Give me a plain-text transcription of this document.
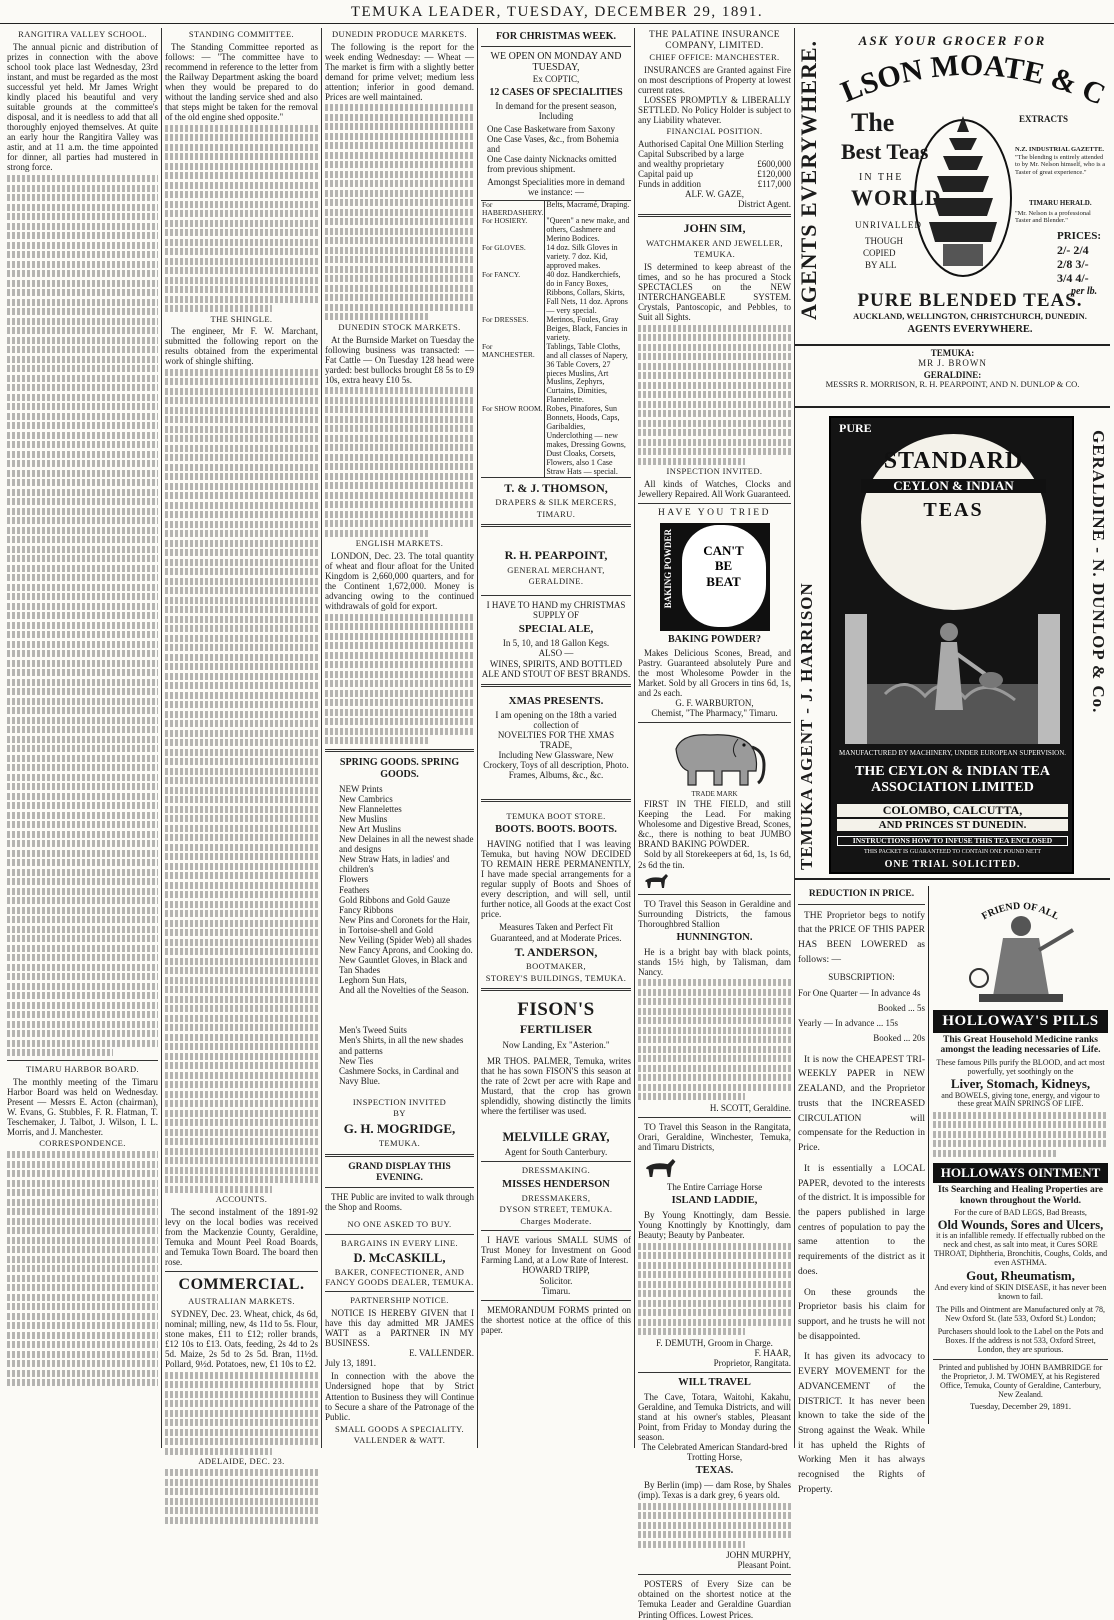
TEMUKA LEADER, TUESDAY, DECEMBER 29, 1891.
RANGITIRA VALLEY SCHOOL.

The annual picnic and distribution of prizes in connection with the above school took place last Wednesday, 23rd instant, and must be regarded as the most successful yet held. Mr James Wright kindly placed his beautiful and very suitable grounds at the committee's disposal, and it is needless to add that all thoroughly enjoyed themselves. At quite an early hour the Rangitira Valley was astir, and at 11 a.m. the time appointed for dinner, all parties had mustered in strong force.

TIMARU HARBOR BOARD.

The monthly meeting of the Timaru Harbor Board was held on Wednesday. Present — Messrs E. Acton (chairman), W. Evans, G. Stubbles, F. R. Flatman, T. Teschemaker, J. Talbot, J. Wilson, I. L. Morris, and J. Manchester.

CORRESPONDENCE.
STANDING COMMITTEE.

The Standing Committee reported as follows: — "The committee have to recommend in reference to the letter from the Railway Department asking the board when they would be prepared to do without the landing service shed and also that steps might be taken for the removal of the old engine shed opposite."

THE SHINGLE.

The engineer, Mr F. W. Marchant, submitted the following report on the results obtained from the experimental work of shingle shifting.

ACCOUNTS.

The second instalment of the 1891-92 levy on the local bodies was received from the Mackenzie County, Geraldine, Temuka and Mount Peel Road Boards, and Temuka Town Board. The board then rose.

COMMERCIAL.
AUSTRALIAN MARKETS.

SYDNEY, Dec. 23. Wheat, chick, 4s 6d, nominal; milling, new, 4s 11d to 5s. Flour, stone makes, £11 to £12; roller brands, £12 10s to £13. Oats, feeding, 2s 4d to 2s 5d. Maize, 2s 5d to 2s 5d. Bran, 11½d. Pollard, 9½d. Potatoes, new, £1 10s to £2.

ADELAIDE, DEC. 23.
DUNEDIN PRODUCE MARKETS.

The following is the report for the week ending Wednesday: — Wheat — The market is firm with a slightly better demand for prime velvet; medium less attention; inferior in good demand. Prices are well maintained.

DUNEDIN STOCK MARKETS.

At the Burnside Market on Tuesday the following business was transacted: — Fat Cattle — On Tuesday 128 head were yarded: best bullocks brought £8 5s to £9 10s, extra heavy £10 5s.

ENGLISH MARKETS.

LONDON, Dec. 23. The total quantity of wheat and flour afloat for the United Kingdom is 2,660,000 quarters, and for the Continent 1,672,000. Money is advancing owing to the continued withdrawals of gold for export.

SPRING GOODS. SPRING GOODS.
NEW Prints
New Cambrics
New Flannelettes
New Muslins
New Art Muslins
New Delaines in all the newest shade and designs
New Straw Hats, in ladies' and children's
Flowers
Feathers
Gold Ribbons and Gold Gauze
Fancy Ribbons
New Pins and Coronets for the Hair, in Tortoise-shell and Gold
New Veiling (Spider Web) all shades
New Fancy Aprons, and Cooking do.
New Gauntlet Gloves, in Black and Tan Shades
Leghorn Sun Hats,
And all the Novelties of the Season.
Men's Tweed Suits
Men's Shirts, in all the new shades and patterns
New Ties
Cashmere Socks, in Cardinal and Navy Blue.
INSPECTION INVITED
BY
G. H. MOGRIDGE,
TEMUKA.
GRAND DISPLAY THIS EVENING.

THE Public are invited to walk through the Shop and Rooms.

NO ONE ASKED TO BUY.
BARGAINS IN EVERY LINE.
D. McCASKILL,
BAKER, CONFECTIONER, AND FANCY GOODS DEALER, TEMUKA.
PARTNERSHIP NOTICE.

NOTICE IS HEREBY GIVEN that I have this day admitted MR JAMES WATT as a PARTNER IN MY BUSINESS.

E. VALLENDER.
July 13, 1891.

In connection with the above the Undersigned hope that by Strict Attention to Business they will Continue to Secure a share of the Patronage of the Public.

SMALL GOODS A SPECIALITY.
VALLENDER & WATT.
FOR CHRISTMAS WEEK.
WE OPEN ON MONDAY AND TUESDAY,
Ex COPTIC,
12 CASES OF SPECIALITIES
In demand for the present season, Including
One Case Basketware from Saxony
One Case Vases, &c., from Bohemia and
One Case dainty Nicknacks omitted from previous shipment.
Amongst Specialities more in demand we instance: —
For HABERDASHERY.	Belts, Macramé, Draping.
For HOSIERY.	"Queen" a new make, and others, Cashmere and Merino Bodices.
For GLOVES.	14 doz. Silk Gloves in variety. 7 doz. Kid, approved makes.
For FANCY.	40 doz. Handkerchiefs, do in Fancy Boxes, Ribbons, Collars, Skirts, Fall Nets, 11 doz. Aprons — very special.
For DRESSES.	Merinos, Foules, Gray Beiges, Black, Fancies in variety.
For MANCHESTER.	Tablings, Table Cloths, and all classes of Napery, 36 Table Covers, 27 pieces Muslins, Art Muslins, Zephyrs, Curtains, Dimities, Flannelette.
For SHOW ROOM.	Robes, Pinafores, Sun Bonnets, Hoods, Caps, Garibaldies, Underclothing — new makes, Dressing Gowns, Dust Cloaks, Corsets, Flowers, also 1 Case Straw Hats — special.
T. & J. THOMSON,
DRAPERS & SILK MERCERS,
TIMARU.
R. H. PEARPOINT,
GENERAL MERCHANT,
GERALDINE.
I HAVE TO HAND my CHRISTMAS SUPPLY OF
SPECIAL ALE,
In 5, 10, and 18 Gallon Kegs.
ALSO —
WINES, SPIRITS, AND BOTTLED ALE AND STOUT OF BEST BRANDS.
XMAS PRESENTS.
I am opening on the 18th a varied collection of
NOVELTIES FOR THE XMAS TRADE,
Including New Glassware, New Crockery, Toys of all description, Photo. Frames, Albums, &c., &c.
TEMUKA BOOT STORE.
BOOTS. BOOTS. BOOTS.

HAVING notified that I was leaving Temuka, but having NOW DECIDED TO REMAIN HERE PERMANENTLY, I have made special arrangements for a regular supply of Boots and Shoes of every description, and will sell, until further notice, all Goods at the exact Cost price.

Measures Taken and Perfect Fit Guaranteed, and at Moderate Prices.
T. ANDERSON,
BOOTMAKER,
STOREY'S BUILDINGS, TEMUKA.
FISON'S
FERTILISER
Now Landing, Ex "Asterion."

MR THOS. PALMER, Temuka, writes that he has sown FISON'S this season at the rate of 2cwt per acre with Rape and Mustard, that the crop has grown splendidly, showing distinctly the limits where the fertiliser was used.

MELVILLE GRAY,
Agent for South Canterbury.
DRESSMAKING.
MISSES HENDERSON
DRESSMAKERS,
DYSON STREET, TEMUKA.
Charges Moderate.

I HAVE various SMALL SUMS of Trust Money for Investment on Good Farming Land, at a Low Rate of Interest.

HOWARD TRIPP,
Solicitor.
Timaru.

MEMORANDUM FORMS printed on the shortest notice at the office of this paper.

THE PALATINE INSURANCE COMPANY, LIMITED.
CHIEF OFFICE: MANCHESTER.

INSURANCES are Granted against Fire on most descriptions of Property at lowest current rates.

LOSSES PROMPTLY & LIBERALLY SETTLED. No Policy Holder is subject to any Liability whatever.

FINANCIAL POSITION.
Authorised Capital One Million Sterling
Capital Subscribed by a large and wealthy proprietary	£600,000
Capital paid up	£120,000
Funds in addition	£117,000
ALF. W. GAZE,
District Agent.
JOHN SIM,
WATCHMAKER AND JEWELLER,
TEMUKA.

IS determined to keep abreast of the times, and so he has procured a Stock SPECTACLES on the NEW INTERCHANGEABLE SYSTEM. Crystals, Pantoscopic, and Pebbles, to Suit all Sights.

INSPECTION INVITED.

All kinds of Watches, Clocks and Jewellery Repaired. All Work Guaranteed.

HAVE YOU TRIED
BAKING POWDER	CAN'T
BE
BEAT
BAKING POWDER?

Makes Delicious Scones, Bread, and Pastry. Guaranteed absolutely Pure and the most Wholesome Powder in the Market. Sold by all Grocers in tins 6d, 1s, and 2s each.

G. F. WARBURTON,
Chemist, "The Pharmacy," Timaru.
TRADE MARK

FIRST IN THE FIELD, and still Keeping the Lead. For making Wholesome and Digestive Bread, Scones, &c., there is nothing to beat JUMBO BRAND BAKING POWDER.

Sold by all Storekeepers at 6d, 1s, 1s 6d, 2s 6d the tin.

TO Travel this Season in Geraldine and Surrounding Districts, the famous Thoroughbred Stallion

HUNNINGTON.

He is a bright bay with black points, stands 15½ high, by Talisman, dam Nancy.

H. SCOTT, Geraldine.

TO Travel this Season in the Rangitata, Orari, Geraldine, Winchester, Temuka, and Timaru Districts,

The Entire Carriage Horse
ISLAND LADDIE,

By Young Knottingly, dam Bessie. Young Knottingly by Knottingly, dam Beauty; Beauty by Panbeater.

F. DEMUTH, Groom in Charge.
F. HAAR,
Proprietor, Rangitata.
WILL TRAVEL

The Cave, Totara, Waitohi, Kakahu, Geraldine, and Temuka Districts, and will stand at his owner's stables, Pleasant Point, from Friday to Monday during the season.

The Celebrated American Standard-bred Trotting Horse,
TEXAS.

By Berlin (imp) — dam Rose, by Shales (imp). Texas is a dark grey, 6 years old.

JOHN MURPHY,
Pleasant Point.

POSTERS of Every Size can be obtained on the shortest notice at the Temuka Leader and Geraldine Guardian Printing Offices. Lowest Prices.

ASK YOUR GROCER FOR
AGENTS EVERYWHERE. LSON MOATE &
The
Best Teas
IN THE
WORLD
UNRIVALLED
THOUGH
COPIED
BY ALL
EXTRACTS
N.Z. INDUSTRIAL GAZETTE.
"The blending is entirely attended to by Mr. Nelson himself, who is a Taster of great experience."
TIMARU HERALD.
"Mr. Nelson is a professional Taster and Blender."
PRICES:
2/- 2/4
2/8 3/-
3/4 4/-
per lb.
PURE BLENDED TEAS.
AUCKLAND, WELLINGTON, CHRISTCHURCH, DUNEDIN.
AGENTS EVERYWHERE.
TEMUKA:
MR J. BROWN
GERALDINE:
MESSRS R. MORRISON, R. H. PEARPOINT, AND N. DUNLOP & CO.
TEMUKA AGENT - J. HARRISON
GERALDINE - N. DUNLOP & Co.
PURE
STANDARD
CEYLON & INDIAN
TEAS
MANUFACTURED BY MACHINERY, UNDER EUROPEAN SUPERVISION.
THE CEYLON & INDIAN TEA ASSOCIATION LIMITED
COLOMBO, CALCUTTA,
AND PRINCES ST DUNEDIN.
INSTRUCTIONS HOW TO INFUSE THIS TEA ENCLOSED
THIS PACKET IS GUARANTEED TO CONTAIN ONE POUND NETT
ONE TRIAL SOLICITED.
REDUCTION IN PRICE.

THE Proprietor begs to notify that the PRICE OF THIS PAPER HAS BEEN LOWERED as follows: —

SUBSCRIPTION:
For One Quarter — In advance 4s
Booked ... 5s
Yearly — In advance ... 15s
Booked ... 20s

It is now the CHEAPEST TRI-WEEKLY PAPER in NEW ZEALAND, and the Proprietor trusts that the INCREASED CIRCULATION will compensate for the Reduction in Price.

It is essentially a LOCAL PAPER, devoted to the interests of the district. It is impossible for the papers published in large centres of population to pay the same attention to the requirements of the district as it does.

On these grounds the Proprietor basis his claim for support, and he trusts he will not be disappointed.

It has given its advocacy to EVERY MOVEMENT for the ADVANCEMENT of the DISTRICT. It has never been known to take the side of the Strong against the Weak. While it has upheld the Rights of Working Men it has always recognised the Rights of Property.

FRIEND OF ALL
HOLLOWAY'S PILLS
This Great Household Medicine ranks amongst the leading necessaries of Life.
These famous Pills purify the BLOOD, and act most powerfully, yet soothingly on the
Liver, Stomach, Kidneys,
and BOWELS, giving tone, energy, and vigour to these great MAIN SPRINGS OF LIFE.
HOLLOWAYS OINTMENT
Its Searching and Healing Properties are known throughout the World.
For the cure of BAD LEGS, Bad Breasts,
Old Wounds, Sores and Ulcers,
it is an infallible remedy. If effectually rubbed on the neck and chest, as salt into meat, it Cures SORE THROAT, Diphtheria, Bronchitis, Coughs, Colds, and even ASTHMA.
Gout, Rheumatism,
And every kind of SKIN DISEASE, it has never been known to fail.
The Pills and Ointment are Manufactured only at 78, New Oxford St. (late 533, Oxford St.) London;
Purchasers should look to the Label on the Pots and Boxes. If the address is not 533, Oxford Street, London, they are spurious.
Printed and published by JOHN BAMBRIDGE for the Proprietor, J. M. TWOMEY, at his Registered Office, Temuka, County of Geraldine, Canterbury, New Zealand.
Tuesday, December 29, 1891.
